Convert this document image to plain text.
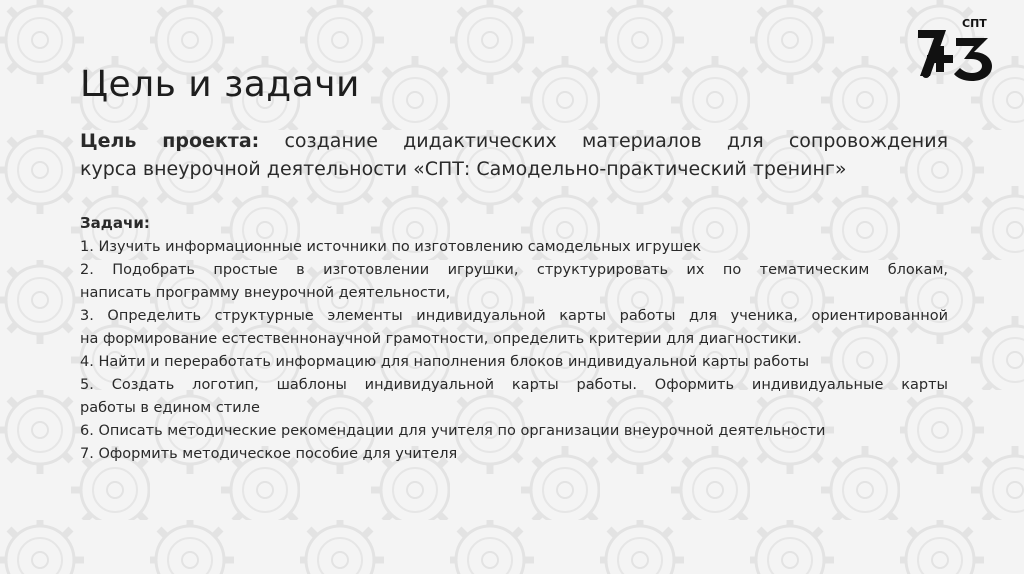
СПТ
Цель и задачи
Цель проекта: создание дидактических материалов для сопровождения
курса внеурочной деятельности «СПТ: Самодельно-практический тренинг»
Задачи:
1. Изучить информационные источники по изготовлению самодельных игрушек
2. Подобрать простые в изготовлении игрушки, структурировать их по тематическим блокам,
написать программу внеурочной деятельности,
3. Определить структурные элементы индивидуальной карты работы для ученика, ориентированной
на формирование естественнонаучной грамотности, определить критерии для диагностики.
4. Найти и переработать информацию для наполнения блоков индивидуальной карты работы
5. Создать логотип, шаблоны индивидуальной карты работы. Оформить индивидуальные карты
работы в едином стиле
6. Описать методические рекомендации для учителя по организации внеурочной деятельности
7. Оформить методическое пособие для учителя
